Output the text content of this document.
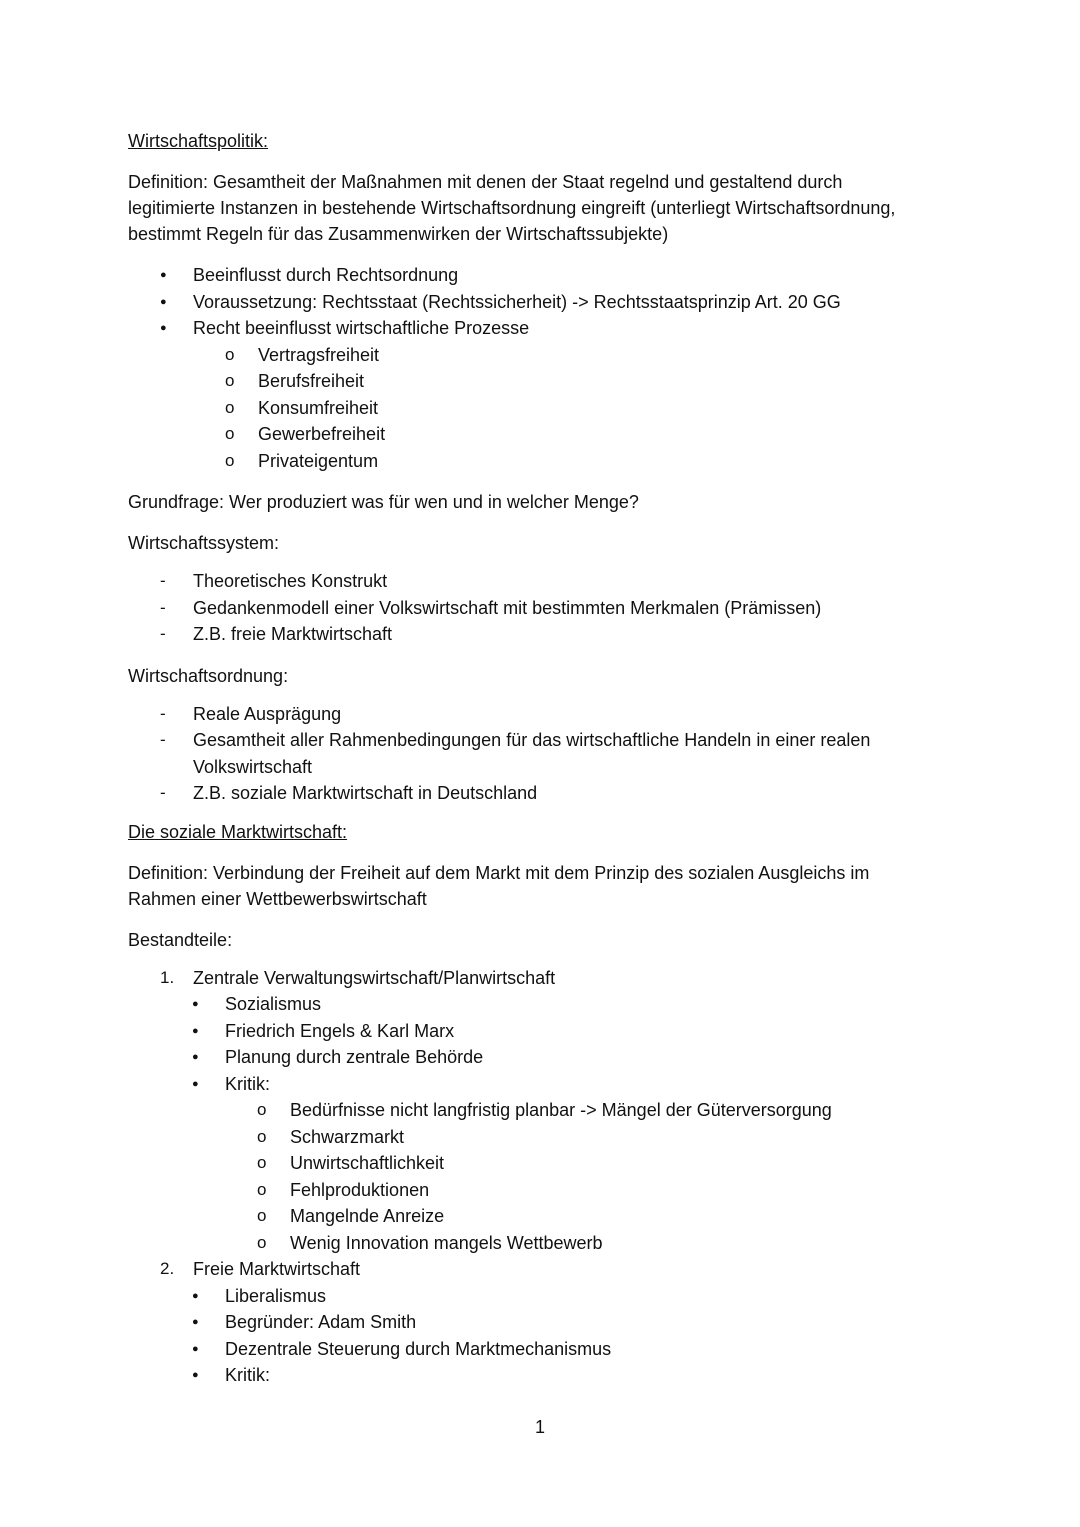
Wirtschaftspolitik:
Definition: Gesamtheit der Maßnahmen mit denen der Staat regelnd und gestaltend durch
legitimierte Instanzen in bestehende Wirtschaftsordnung eingreift (unterliegt Wirtschaftsordnung,
bestimmt Regeln für das Zusammenwirken der Wirtschaftssubjekte)
●
Beeinflusst durch Rechtsordnung
●
Voraussetzung: Rechtsstaat (Rechtssicherheit) -> Rechtsstaatsprinzip Art. 20 GG
●
Recht beeinflusst wirtschaftliche Prozesse
o
Vertragsfreiheit
o
Berufsfreiheit
o
Konsumfreiheit
o
Gewerbefreiheit
o
Privateigentum
Grundfrage: Wer produziert was für wen und in welcher Menge?
Wirtschaftssystem:
-
Theoretisches Konstrukt
-
Gedankenmodell einer Volkswirtschaft mit bestimmten Merkmalen (Prämissen)
-
Z.B. freie Marktwirtschaft
Wirtschaftsordnung:
-
Reale Ausprägung
-
Gesamtheit aller Rahmenbedingungen für das wirtschaftliche Handeln in einer realen
Volkswirtschaft
-
Z.B. soziale Marktwirtschaft in Deutschland
Die soziale Marktwirtschaft:
Definition: Verbindung der Freiheit auf dem Markt mit dem Prinzip des sozialen Ausgleichs im
Rahmen einer Wettbewerbswirtschaft
Bestandteile:
1. Zentrale Verwaltungswirtschaft/Planwirtschaft
●
Sozialismus
●
Friedrich Engels & Karl Marx
●
Planung durch zentrale Behörde
●
Kritik:
o
Bedürfnisse nicht langfristig planbar -> Mängel der Güterversorgung
o
Schwarzmarkt
o
Unwirtschaftlichkeit
o
Fehlproduktionen
o
Mangelnde Anreize
o
Wenig Innovation mangels Wettbewerb
2. Freie Marktwirtschaft
●
Liberalismus
●
Begründer: Adam Smith
●
Dezentrale Steuerung durch Marktmechanismus
●
Kritik:
1
